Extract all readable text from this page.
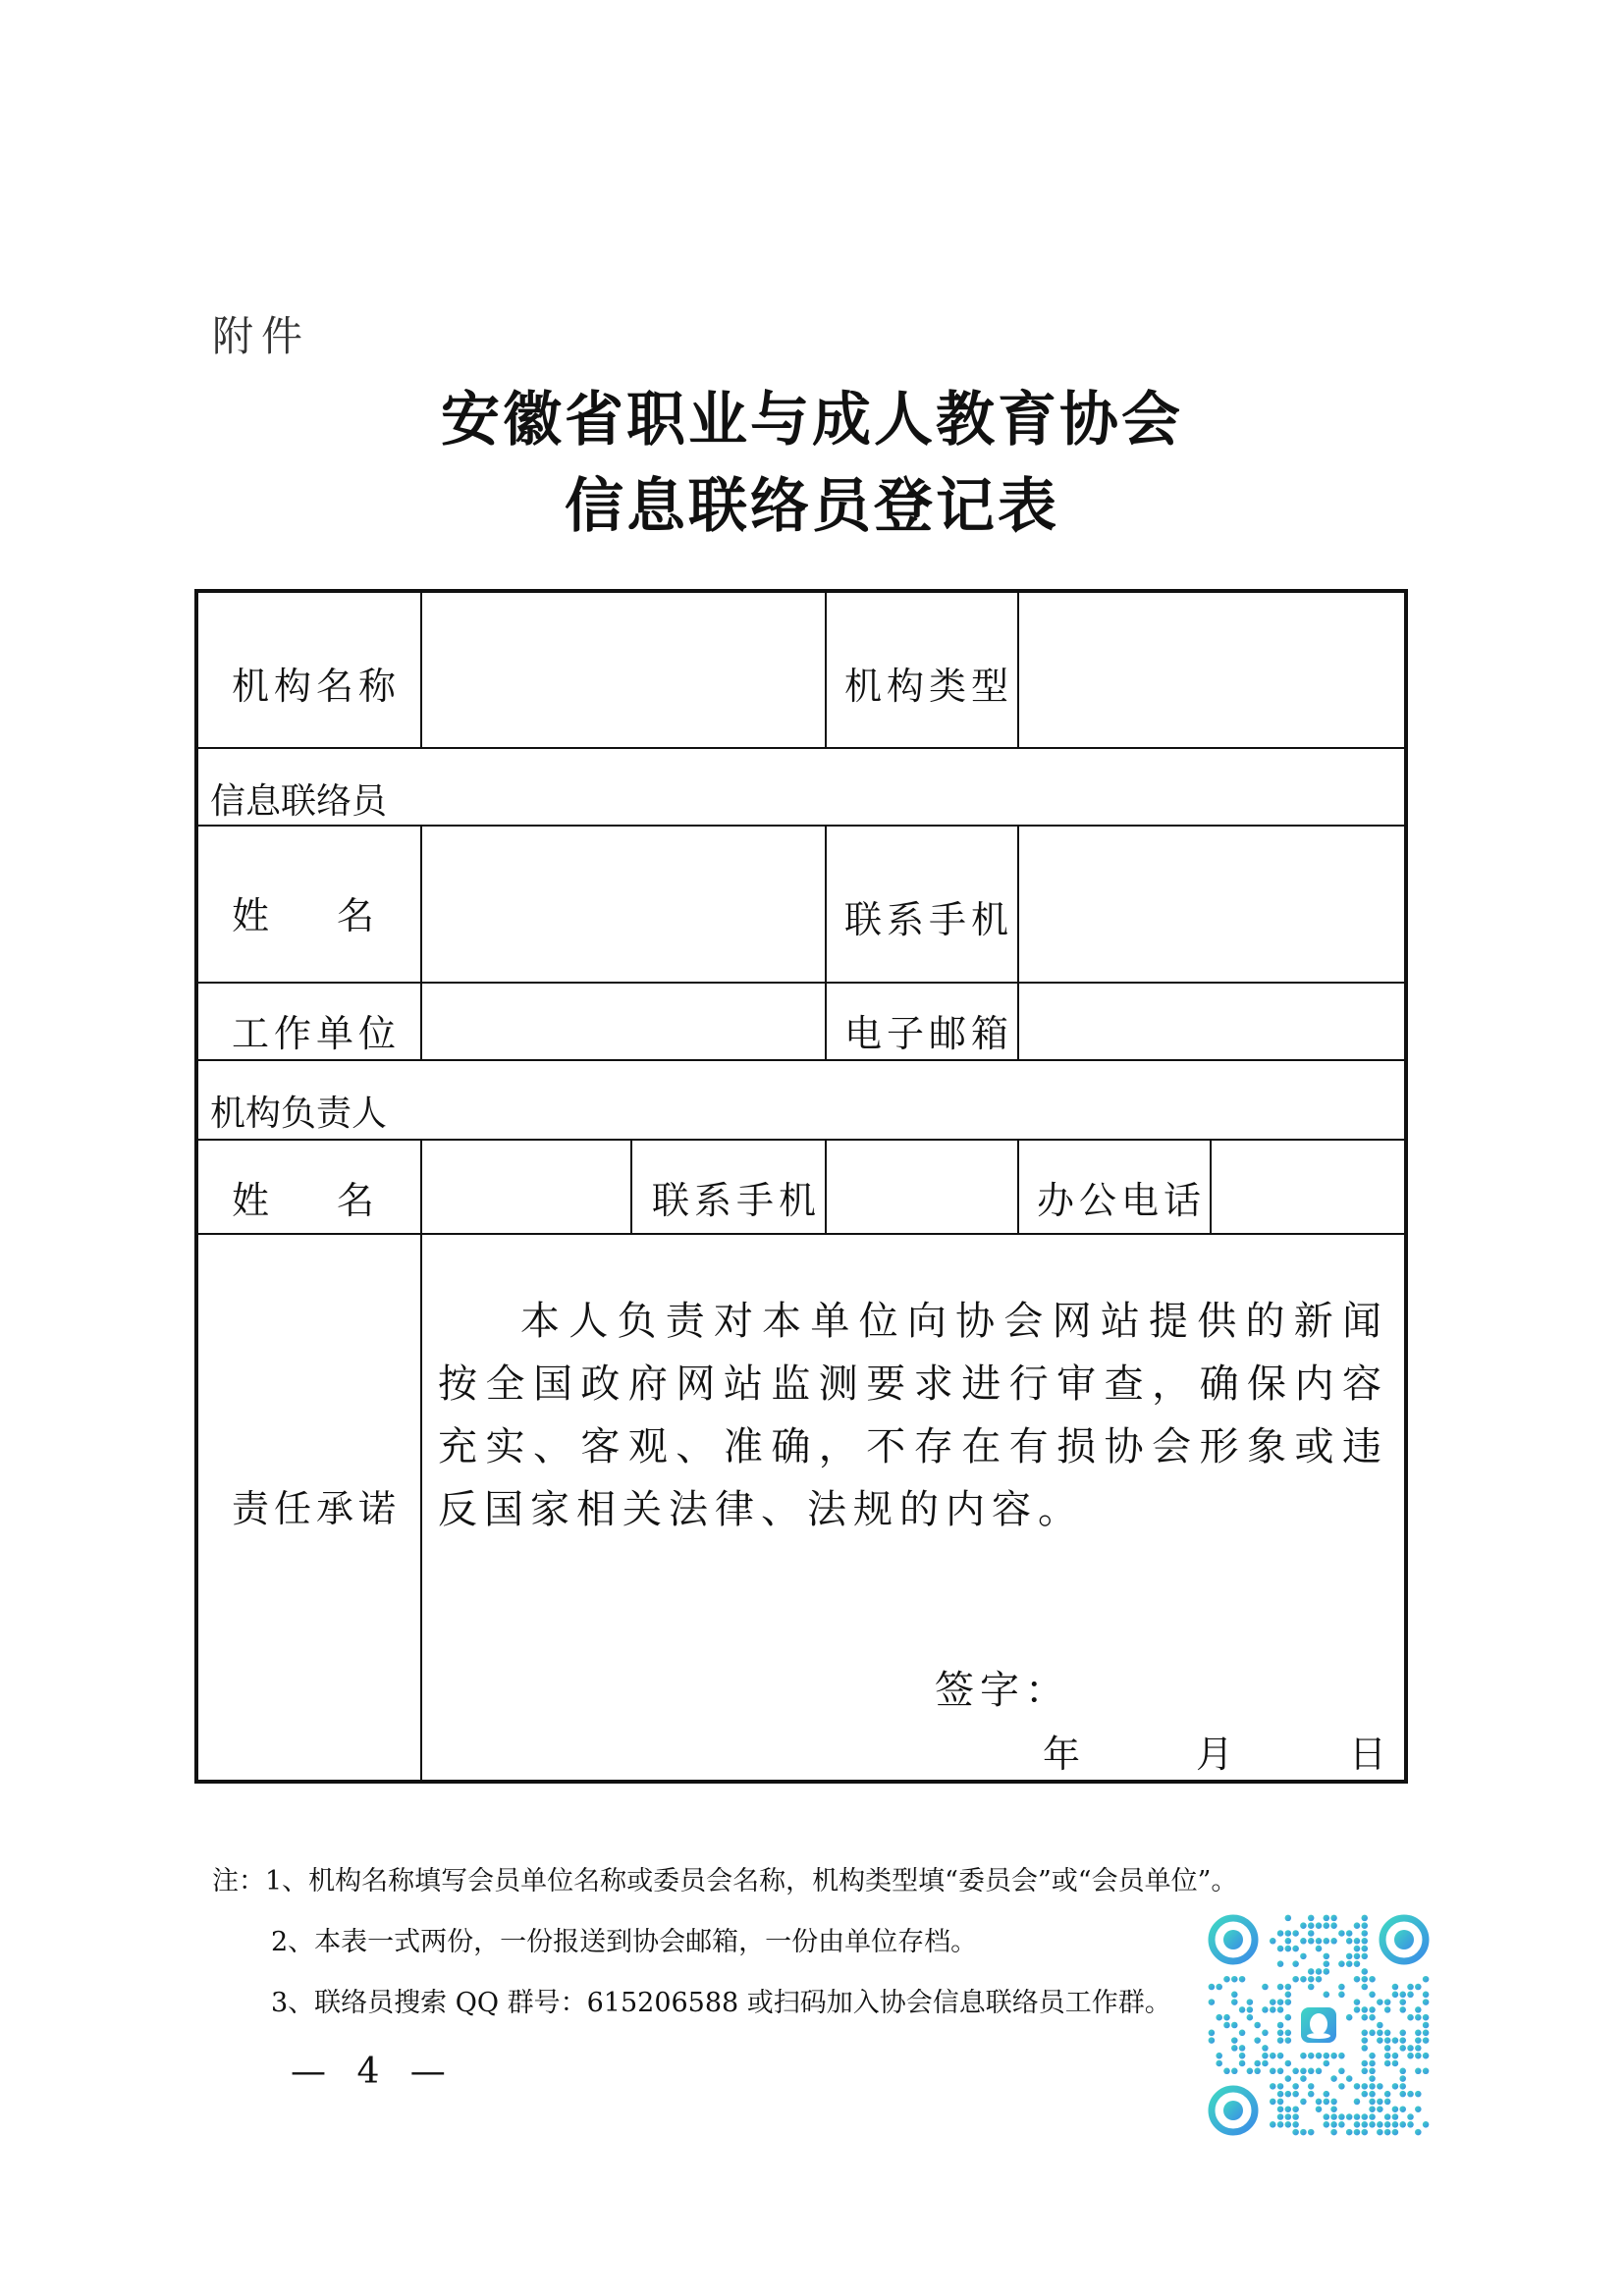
附件
安徽省职业与成人教育协会
信息联络员登记表
机构名称	机构类型
信息联络员
姓 名	联系手机
工作单位	电子邮箱
机构负责人
姓 名	联系手机	办公电话
责任承诺
本人负责对本单位向协会网站提供的新闻按全国政府网站监测要求进行审查，确保内容充实、客观、准确，不存在有损协会形象或违反国家相关法律、法规的内容。
签字：
年	月	日
注：1、机构名称填写会员单位名称或委员会名称，机构类型填“委员会”或“会员单位”。
2、本表一式两份，一份报送到协会邮箱，一份由单位存档。
3、联络员搜索 QQ 群号：615206588 或扫码加入协会信息联络员工作群。
— 4 —
